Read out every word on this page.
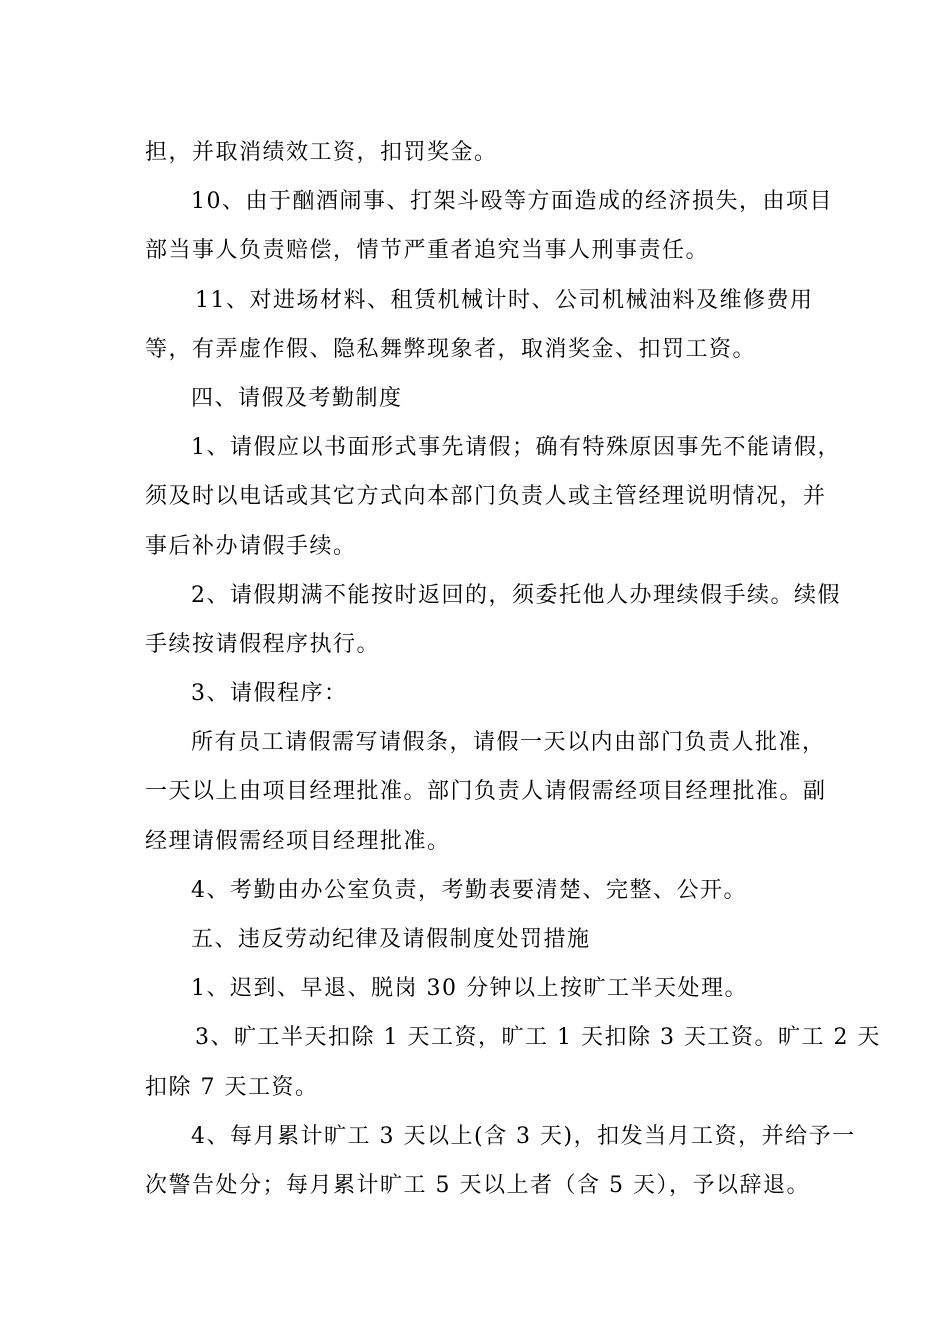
担，并取消绩效工资，扣罚奖金。
10、由于酗酒闹事、打架斗殴等方面造成的经济损失，由项目
部当事人负责赔偿，情节严重者追究当事人刑事责任。
11、对进场材料、租赁机械计时、公司机械油料及维修费用
等，有弄虚作假、隐私舞弊现象者，取消奖金、扣罚工资。
四、请假及考勤制度
1、请假应以书面形式事先请假；确有特殊原因事先不能请假，
须及时以电话或其它方式向本部门负责人或主管经理说明情况，并
事后补办请假手续。
2、请假期满不能按时返回的，须委托他人办理续假手续。续假
手续按请假程序执行。
3、请假程序：
所有员工请假需写请假条，请假一天以内由部门负责人批准，
一天以上由项目经理批准。部门负责人请假需经项目经理批准。副
经理请假需经项目经理批准。
4、考勤由办公室负责，考勤表要清楚、完整、公开。
五、违反劳动纪律及请假制度处罚措施
1、迟到、早退、脱岗 30 分钟以上按旷工半天处理。
3、旷工半天扣除 1 天工资，旷工 1 天扣除 3 天工资。旷工 2 天
扣除 7 天工资。
4、每月累计旷工 3 天以上(含 3 天)，扣发当月工资，并给予一
次警告处分；每月累计旷工 5 天以上者（含 5 天），予以辞退。
